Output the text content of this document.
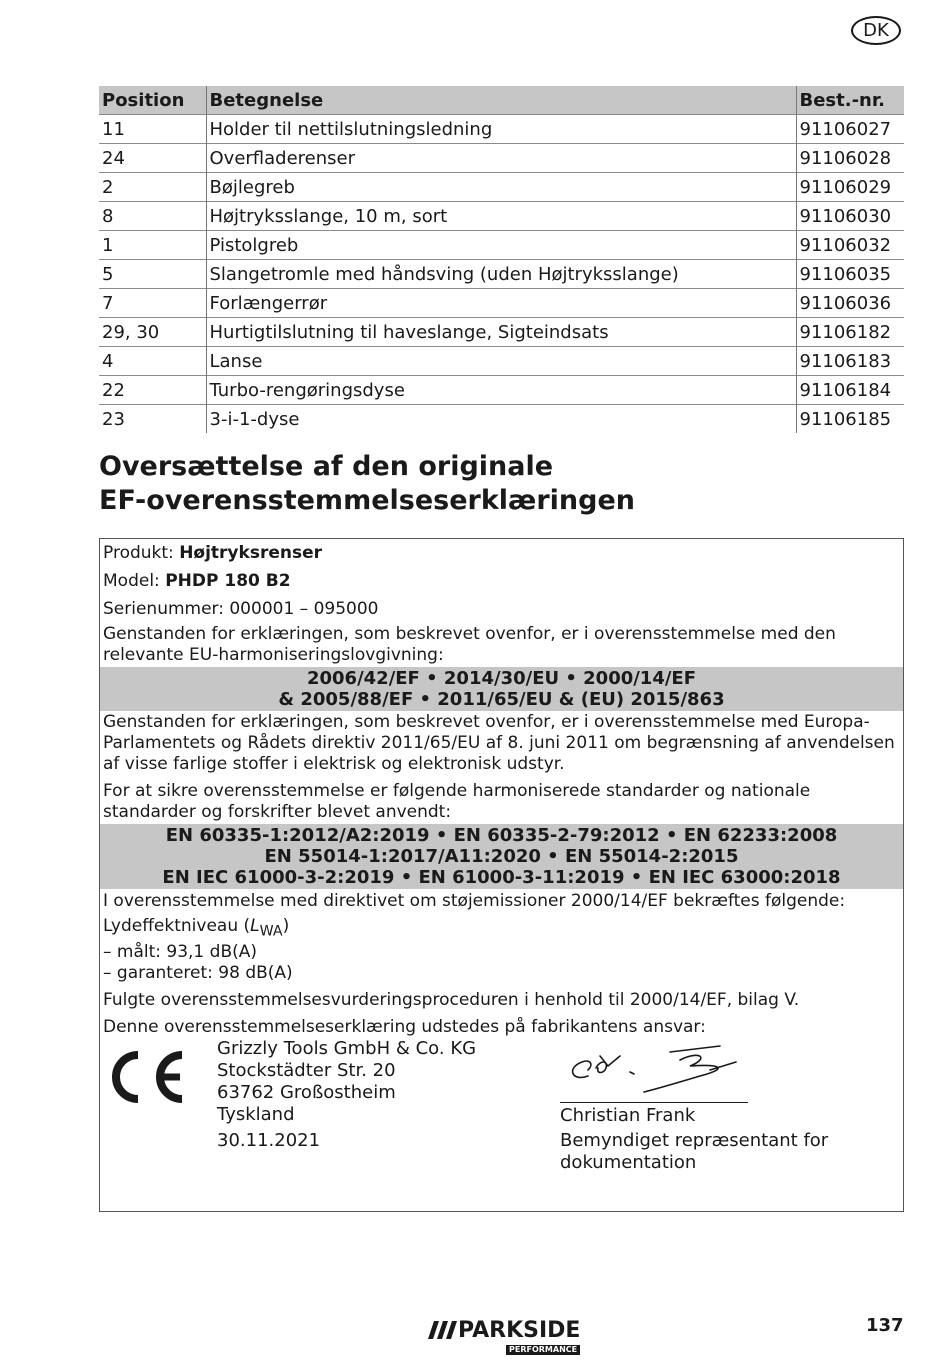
DK
Position	Betegnelse	Best.-nr.
11	Holder til nettilslutningsledning	91106027
24	Overfladerenser	91106028
2	Bøjlegreb	91106029
8	Højtryksslange, 10 m, sort	91106030
1	Pistolgreb	91106032
5	Slangetromle med håndsving (uden Højtryksslange)	91106035
7	Forlængerrør	91106036
29, 30	Hurtigtilslutning til haveslange, Sigteindsats	91106182
4	Lanse	91106183
22	Turbo-rengøringsdyse	91106184
23	3-i-1-dyse	91106185
Oversættelse af den originale
EF-overensstemmelseserklæringen
Produkt: Højtryksrenser
Model: PHDP 180 B2
Serienummer: 000001 – 095000
Genstanden for erklæringen, som beskrevet ovenfor, er i overensstemmelse med den relevante EU-harmoniseringslovgivning:
2006/42/EF • 2014/30/EU • 2000/14/EF
& 2005/88/EF • 2011/65/EU & (EU) 2015/863
Genstanden for erklæringen, som beskrevet ovenfor, er i overensstemmelse med Europa-Parlamentets og Rådets direktiv 2011/65/EU af 8. juni 2011 om begrænsning af anvendelsen af visse farlige stoffer i elektrisk og elektronisk udstyr.
For at sikre overensstemmelse er følgende harmoniserede standarder og nationale standarder og forskrifter blevet anvendt:
EN 60335-1:2012/A2:2019 • EN 60335-2-79:2012 • EN 62233:2008
EN 55014-1:2017/A11:2020 • EN 55014-2:2015
EN IEC 61000-3-2:2019 • EN 61000-3-11:2019 • EN IEC 63000:2018
I overensstemmelse med direktivet om støjemissioner 2000/14/EF bekræftes følgende:
Lydeffektniveau $(L_{WA})$
– målt: 93,1 dB(A)
– garanteret: 98 dB(A)
Fulgte overensstemmelsesvurderingsproceduren i henhold til 2000/14/EF, bilag V.
Denne overensstemmelseserklæring udstedes på fabrikantens ansvar:
Grizzly Tools GmbH & Co. KG
Stockstädter Str. 20
63762 Großostheim
Tyskland
30.11.2021
Christian Frank
Bemyndiget repræsentant for dokumentation
PARKSIDE
PERFORMANCE
137
